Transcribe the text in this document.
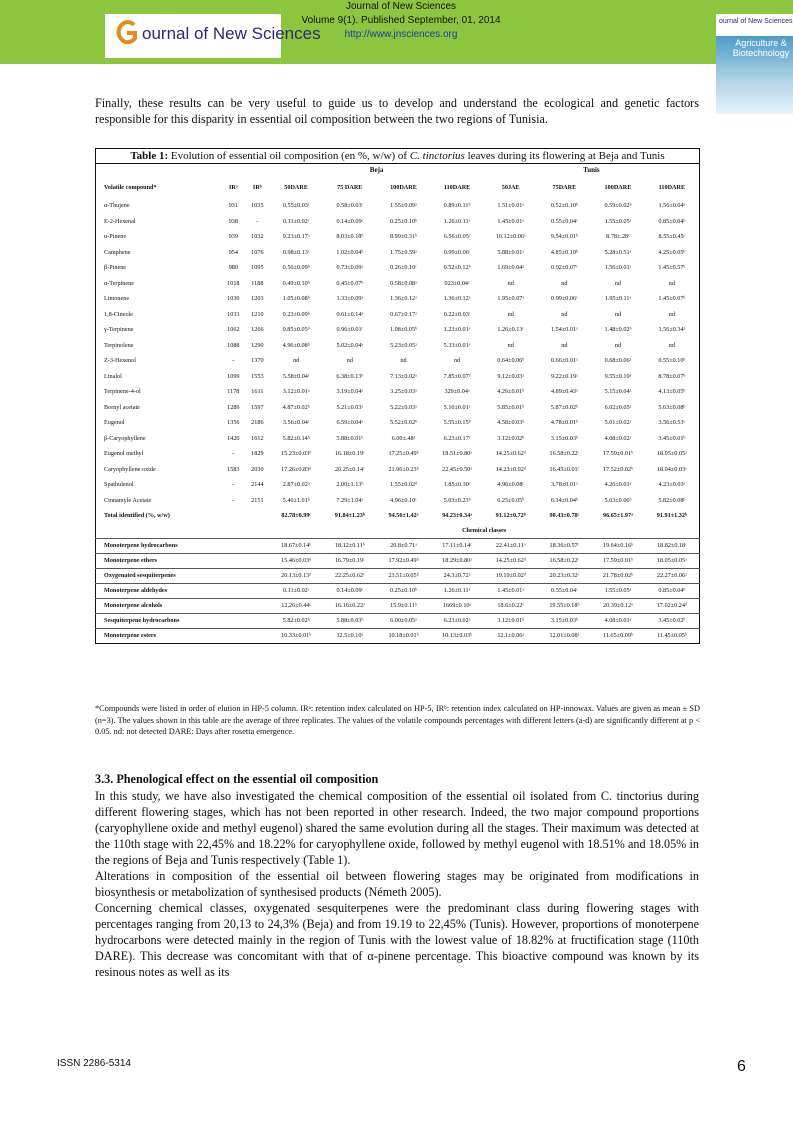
ournal of New Sciences
Journal of New Sciences
Volume 9(1). Published September, 01, 2014
http://www.jnsciences.org
ournal of New Sciences
Agriculture & Biotechnology

Finally, these results can be very useful to guide us to develop and understand the ecological and genetic factors responsible for this disparity in essential oil composition between the two regions of Tunisia.

Table 1: Evolution of essential oil composition (en %, w/w) of C. tinctorius leaves during its flowering at Beja and Tunis										
			Beja				Tunis			
Volatile compound*	IRᵃ	IRᵇ	50DARE	75 DARE	100DARE	110DARE	50JAE	75DARE	100DARE	110DARE
α-Thujene	931	1035	0.55±0.03ᶜ	0.58±0.03ᶜ	1.55±0.09ᵃ	0.89±0.11ᵇ	1.51±0.01ᵃ	0.52±0.10ᵇ	0.59±0.02ᵇ	1.56±0.04ᵃ
E-2-Hexenal	938	-	0.11±0.02ᶜ	0.14±0.09ᶜ	0.25±0.10ᵇ	1.26±0.11ᵃ	1.45±0.01ᵃ	0.55±0.04ᶜ	1.55±0.05ᵃ	0.85±0.04ᵇ
α-Pinene	939	1032	9.23±0.17ᵃ	8.03±0.18ᵇ	8.99±0.31ᵇ	6.56±0.05ᶜ	10.12±0.06ᵃ	9.54±0.01ᵇ	8.78±.28ᶜ	8.55±0.45ᶜ
Camphene	954	1076	0.98±0.13ᶜ	1.02±0.04ᵇ	1.75±0.59ᵃ	0.99±0.06ᶜ	5.88±0.01ᵃ	4.85±0.10ᵇ	5.28±0.51ᵃ	4.25±0.05ᵇ
β-Pinene	980	1095	0.56±0.09ᵇ	0.73±0.09ᵃ	0.26±0.10ᶜ	0.52±0.12ᵇ	1.69±0.04ᵃ	0.92±0.07ᶜ	1.56±0.01ᵃ	1.45±0.57ᵇ
α-Terpinene	1018	1188	0.49±0.10ᵇ	0.45±0.07ᵇ	0.58±0.08ᵃ	023±0.04ᶜ	nd	nd	nd	nd
Limonene	1030	1203	1.05±0.08ᵇ	1.33±0.09ᵃ	1.36±0.12ᵃ	1.36±0.12ᵃ	1.95±0.07ᵃ	0.99±0.06ᶜ	1.95±0.11ᵃ	1.45±0.07ᵇ
1,8-Cineole	1033	1210	0.23±0.09ᵇ	0.61±0.14ᵃ	0.67±0.17ᵃ	0.22±0.03ᶜ	nd	nd	nd	nd
γ-Terpinene	1062	1266	0.85±0.05ᵈ	0.96±0.01ᶜ	1.08±0.05ᵇ	1.23±0.01ᵃ	1.26±0.13ᶜ	1.54±0.01ᵃ	1.48±0.02ᵇ	1.56±0.34ᵃ
Terpinolene	1088	1290	4.96±0.08ᵇ	5.02±0.04ᵃ	5.23±0.05ᵃ	5.33±0.01ᵃ	nd	nd	nd	nd
Z-3-Hexenol	-	1370	nd	nd	nd	nd	0.64±0.06ᵇ	0.66±0.01ᵃ	0.68±0.06ᵃ	0.55±0.10ᵇ
Linalol	1099	1553	5.58±0.04ᶜ	6.38±0.13ᵇ	7.13±0.02ᵃ	7.85±0.07ᵃ	9.12±0.03ᵃ	9.22±0.19ᵃ	9.55±0.10ᵃ	8.78±0.07ᵇ
Terpinene-4-ol	1178	1611	3.12±0.01ᵃ	3.19±0.04ᵃ	3.25±0.03ᵃ	329±0.04ᵃ	4.26±0.01ᵇ	4.89±0.43ᵃ	5.15±0.04ᵃ	4.13±0.05ᵇ
Bornyl acetate	1289	1597	4.87±0.02ᵇ	5.21±0.03ᵃ	5.22±0.03ᵃ	5.10±0.01ᵃ	5.85±0.01ᵇ	5.87±0.02ᵇ	6.02±0.05ᵃ	5.63±0.08ᵇ
Eugenol	1356	2186	3.56±0.04ᶜ	6.59±0.04ᵃ	5.52±0.02ᵇ	5.55±0.15ᵇ	4.58±0.03ᵇ	4.78±0.01ᵇ	5.01±0.02ᵃ	3.56±0.53ᶜ
β-Caryophyllene	1420	1612	5.82±0.14ᵇ	5.88±0.01ᵇ	6.00±.48ᵃ	6.23±0.17ᵃ	3.12±0.02ᵇ	3.15±0.03ᵇ	4.08±0.02ᵃ	3.45±0.01ᵇ
Eugenol methyl	-	1829	15.23±0.03ᵈ	16.18±0.19ᶜ	17.25±0.49ᵇ	18.51±0.80ᵃ	14.25±0.62ᵈ	16.58±0.22ᶜ	17.59±0.01ᵇ	18.05±0.05ᵃ
Caryophyllene oxide	1583	2030	17.26±0.83ᵈ	20.25±0.14ᶜ	21.96±0.23ᵇ	22.45±0.50ᵃ	14.23±0.02ᵈ	16.45±0.01ᶜ	17.52±0.02ᵇ	18.04±0.03ᵃ
Spathulenol	-	2144	2.87±0.02ᵃ	2.00±1.13ᵇ	1.55±0.02ᵈ	1.85±0.30ᶜ	4.96±0.08ᶜ	3.78±0.01ᵃ	4.26±0.01ᵃ	4.23±0.03ᵃ
Cinnamyle Acetate	-	2151	5.46±1.01ᵇ	7.29±1.04ᵃ	4.96±0.10ᶜ	5.03±0.23ᵇ	6.25±0.05ᵇ	6.14±0.04ᵇ	5.63±0.06ᵇ	5.82±0.08ᵇ
Total identified (%, w/w)			82.78±0.99ᶜ	91.84±1.23ᵇ	94.56±1.42ᵃ	94.23±0.34ᵃ	91.12±0.72ᵇ	90.43±0.78ᶜ	96.65±1.97ᵃ	91.91±1.32ᵇ
			Chemical classes							
Monoterpene hydrocarbons			18.67±0.14ᵇ	18.12±0.11ᵇ	20.8±0.71ᵃ	17.11±0.14ᶜ	22.41±0.11ᵃ	18.36±0.57ᶜ	19.64±0.16ᵇ	18.82±0.18ᶜ
Monoterpene ethers			15.46±0.03ᵈ	16.79±0.19ᶜ	17.92±0.49ᵇ	18.29±0.80ᵃ	14.25±0.62ᵈ	16.58±0.22ᶜ	17.59±0.01ᵇ	18.05±0.05ᵃ
Oxygenated sesquiterpenes			20.13±0.13ᵈ	22.25±0.62ᶜ	23.51±0.05ᵇ	24.3±0.72ᵃ	19.19±0.02ᵈ	20.23±0.32ᶜ	21.78±0.02ᵇ	22.27±0.06ᵃ
Monoterpene aldehydes			0.11±0.02ᶜ	0.14±0.09ᶜ	0.25±0.10ᵇ	1.26±0.11ᵃ	1.45±0.01ᵃ	0.55±0.04ᶜ	1.55±0.05ᵃ	0.85±0.04ᵇ
Monoterpene alcohols			12.26±0.44ᶜ	16.16±0.22ᵃ	15.9±0.11ᵇ	1669±0.10ᵃ	18.6±0.22ᶜ	19.55±0.18ᵇ	20.39±0.12ᵃ	17.02±0.24ᵈ
Sesquiterpene hydrocarbons			5.82±0.02ᵇ	5.88±0.03ᵇ	6.00±0.05ᵃ	6.23±0.02ᵃ	3.12±0.01ᵇ	3.15±0.03ᵇ	4.08±0.01ᵃ	3.45±0.02ᵇ
Monoterpene esters			10.33±0.01ᵇ	12.5±0.10ᵃ	10.18±0.01ᵇ	10.13±0.03ᵇ	12.1±0.06ᵃ	12.01±0.08ᵃ	11.65±0.09ᵇ	11.45±0.05ᵇ

*Compounds were listed in order of elution in HP-5 column. IRᵃ: retention index calculated on HP-5, IRᵇ: retention index calculated on HP-innowax. Values are given as mean ± SD (n=3). The values shown in this table are the average of three replicates. The values of the volatile compounds percentages with different letters (a-d) are significantly different at p < 0.05. nd: not detected DARE: Days after rosetta emergence.

3.3. Phenological effect on the essential oil composition

In this study, we have also investigated the chemical composition of the essential oil isolated from C. tinctorius during different flowering stages, which has not been reported in other research. Indeed, the two major compound proportions (caryophyllene oxide and methyl eugenol) shared the same evolution during all the stages. Their maximum was detected at the 110th stage with 22,45% and 18.22% for caryophyllene oxide, followed by methyl eugenol with 18.51% and 18.05% in the regions of Beja and Tunis respectively (Table 1).

Alterations in composition of the essential oil between flowering stages may be originated from modifications in biosynthesis or metabolization of synthesised products (Németh 2005).

Concerning chemical classes, oxygenated sesquiterpenes were the predominant class during flowering stages with percentages ranging from 20,13 to 24,3% (Beja) and from 19.19 to 22,45% (Tunis). However, proportions of monoterpene hydrocarbons were detected mainly in the region of Tunis with the lowest value of 18.82% at fructification stage (110th DARE). This decrease was concomitant with that of α-pinene percentage. This bioactive compound was known by its resinous notes as well as its

ISSN 2286-5314	6
